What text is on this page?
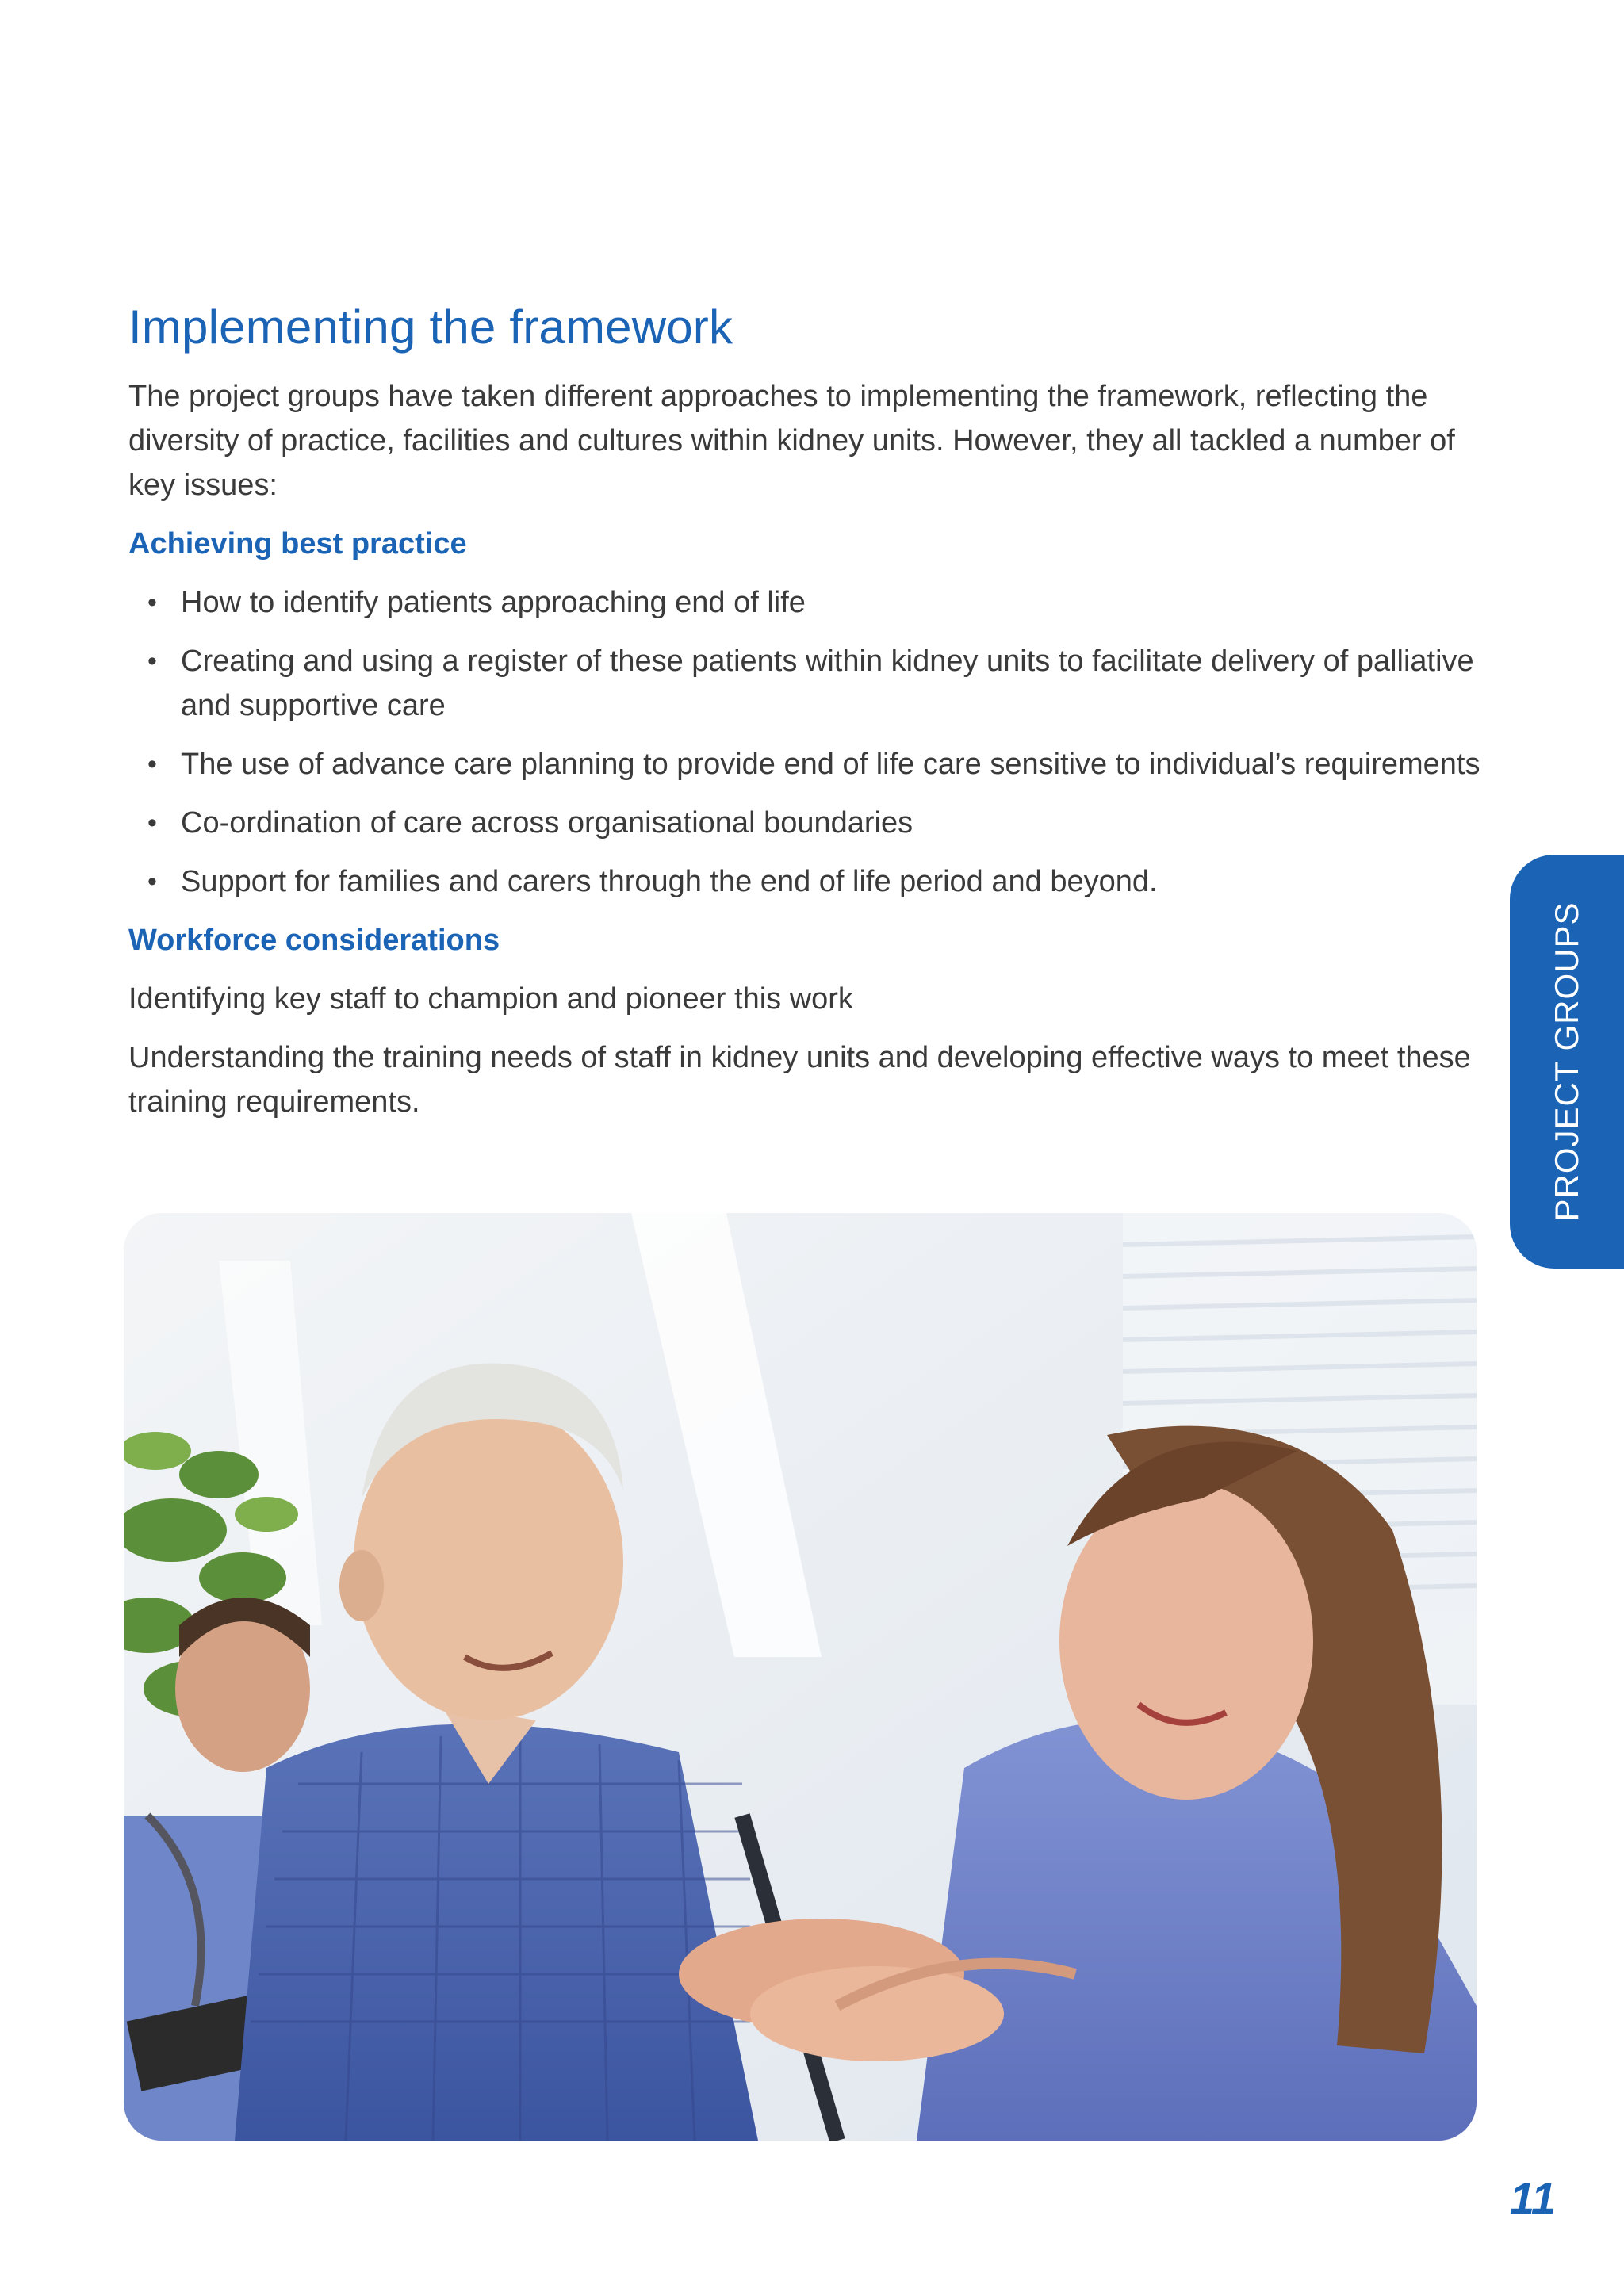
Implementing the framework

The project groups have taken different approaches to implementing the framework, reflecting the diversity of practice, facilities and cultures within kidney units. However, they all tackled a number of key issues:

Achieving best practice
• How to identify patients approaching end of life
• Creating and using a register of these patients within kidney units to facilitate delivery of palliative and supportive care
• The use of advance care planning to provide end of life care sensitive to individual’s requirements
• Co-ordination of care across organisational boundaries
• Support for families and carers through the end of life period and beyond.
Workforce considerations

Identifying key staff to champion and pioneer this work

Understanding the training needs of staff in kidney units and developing effective ways to meet these training requirements.	PROJECT GROUPS
11
